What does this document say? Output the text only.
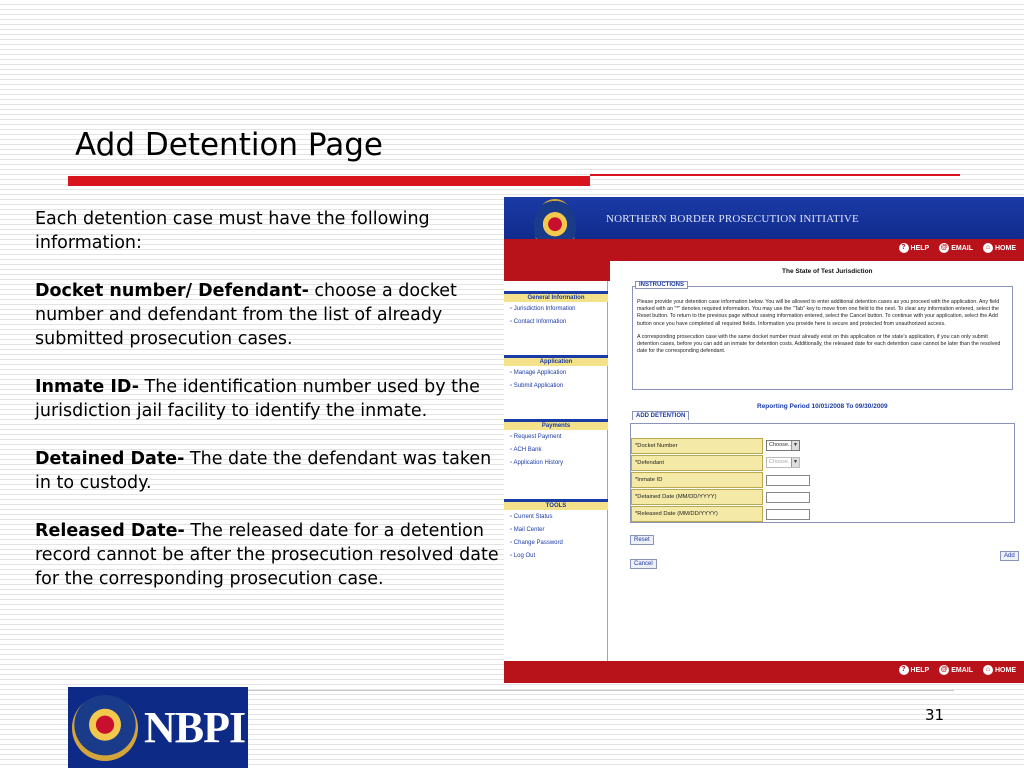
Add Detention Page

Each detention case must have the following information:

Docket number/ Defendant- choose a docket number and defendant from the list of already submitted prosecution cases.

Inmate ID- The identification number used by the jurisdiction jail facility to identify the inmate.

Detained Date- The date the defendant was taken in to custody.

Released Date- The released date for a detention record cannot be after the prosecution resolved date for the corresponding prosecution case.

NORTHERN BORDER PROSECUTION INITIATIVE
? HELP @ EMAIL	⌂ HOME
General Information
▫ Jurisdiction Information
▫ Contact Information
Application
▫ Manage Application
▫ Submit Application
Payments
▫ Request Payment
▫ ACH Bank
▫ Application History
TOOLS
▫ Current Status
▫ Mail Center
▫ Change Password
▫ Log Out
The State of Test Jurisdiction
INSTRUCTIONS
Please provide your detention case information below. You will be allowed to enter additional detention cases as you proceed with the application. Any field marked with an "*" denotes required information. You may use the "Tab" key to move from one field to the next. To clear any information entered, select the Reset button. To return to the previous page without saving information entered, select the Cancel button. To continue with your application, select the Add button once you have completed all required fields. Information you provide here is secure and protected from unauthorized access.
A corresponding prosecution case with the same docket number must already exist on this application or the state's application, if you can only submit detention cases, before you can add an inmate for detention costs. Additionally, the released date for each detention case cannot be later than the resolved date for the corresponding defendant.
Reporting Period 10/01/2008 To 09/30/2009
ADD DETENTION
*Docket Number	Choose.. ▼
*Defendant	Choose.. ▼
*Inmate ID
*Detained Date (MM/DD/YYYY)
*Released Date (MM/DD/YYYY)
Reset
Cancel
Add
? HELP @ EMAIL	⌂ HOME
NBPI	31
